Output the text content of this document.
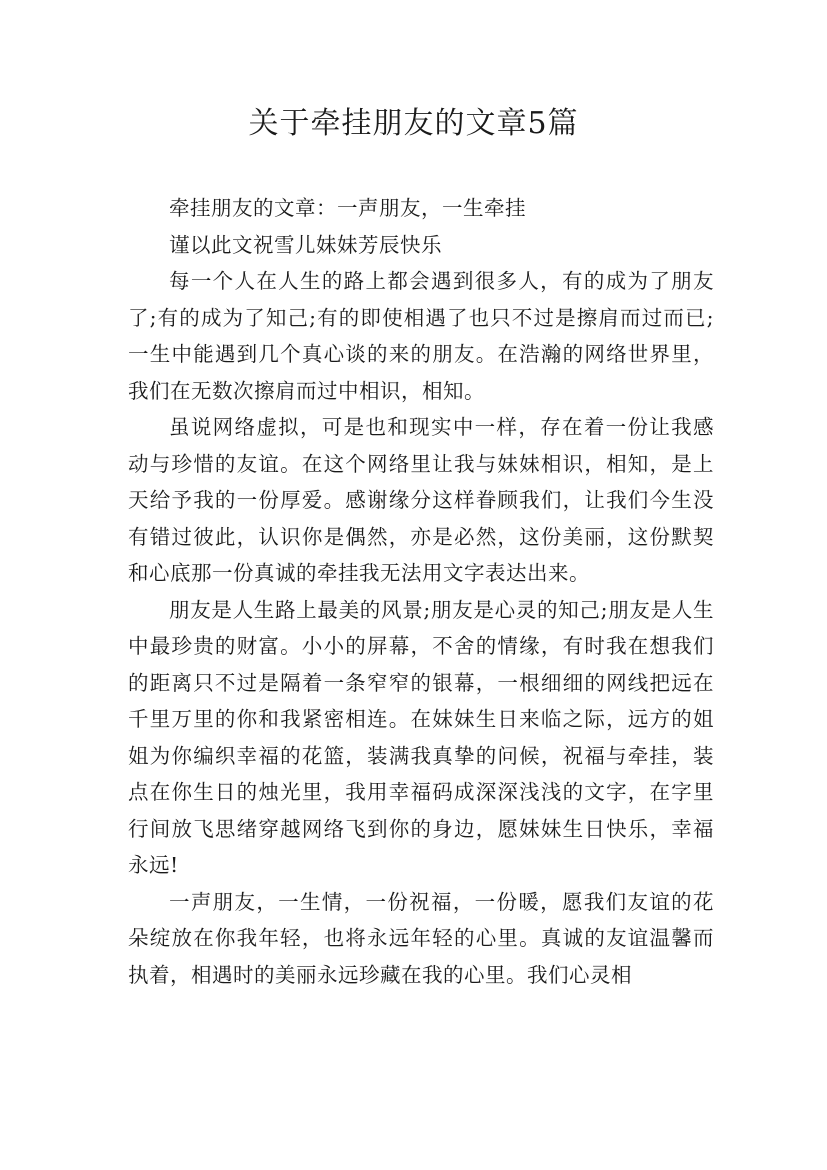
关于牵挂朋友的文章5篇

牵挂朋友的文章：一声朋友，一生牵挂

谨以此文祝雪儿妹妹芳辰快乐

每一个人在人生的路上都会遇到很多人，有的成为了朋友了;有的成为了知己;有的即使相遇了也只不过是擦肩而过而已;一生中能遇到几个真心谈的来的朋友。在浩瀚的网络世界里，我们在无数次擦肩而过中相识，相知。

虽说网络虚拟，可是也和现实中一样，存在着一份让我感动与珍惜的友谊。在这个网络里让我与妹妹相识，相知，是上天给予我的一份厚爱。感谢缘分这样眷顾我们，让我们今生没有错过彼此，认识你是偶然，亦是必然，这份美丽，这份默契和心底那一份真诚的牵挂我无法用文字表达出来。

朋友是人生路上最美的风景;朋友是心灵的知己;朋友是人生中最珍贵的财富。小小的屏幕，不舍的情缘，有时我在想我们的距离只不过是隔着一条窄窄的银幕，一根细细的网线把远在千里万里的你和我紧密相连。在妹妹生日来临之际，远方的姐姐为你编织幸福的花篮，装满我真挚的问候，祝福与牵挂，装点在你生日的烛光里，我用幸福码成深深浅浅的文字，在字里行间放飞思绪穿越网络飞到你的身边，愿妹妹生日快乐，幸福永远!

一声朋友，一生情，一份祝福，一份暖，愿我们友谊的花朵绽放在你我年轻，也将永远年轻的心里。真诚的友谊温馨而执着，相遇时的美丽永远珍藏在我的心里。我们心灵相
